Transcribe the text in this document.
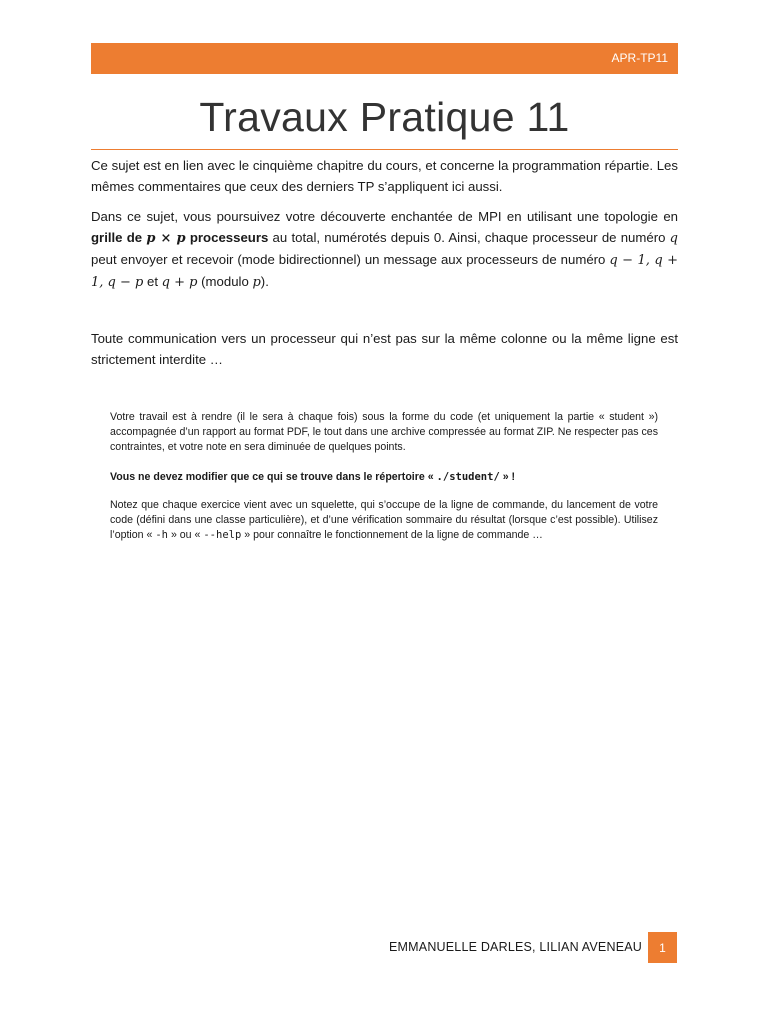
APR-TP11
Travaux Pratique 11
Ce sujet est en lien avec le cinquième chapitre du cours, et concerne la programmation répartie. Les mêmes commentaires que ceux des derniers TP s’appliquent ici aussi.
Dans ce sujet, vous poursuivez votre découverte enchantée de MPI en utilisant une topologie en grille de p × p processeurs au total, numérotés depuis 0. Ainsi, chaque processeur de numéro q peut envoyer et recevoir (mode bidirectionnel) un message aux processeurs de numéro q − 1, q + 1, q − p et q + p (modulo p).
Toute communication vers un processeur qui n’est pas sur la même colonne ou la même ligne est strictement interdite …
Votre travail est à rendre (il le sera à chaque fois) sous la forme du code (et uniquement la partie « student ») accompagnée d’un rapport au format PDF, le tout dans une archive compressée au format ZIP. Ne respecter pas ces contraintes, et votre note en sera diminuée de quelques points.
Vous ne devez modifier que ce qui se trouve dans le répertoire « ./student/ » !
Notez que chaque exercice vient avec un squelette, qui s’occupe de la ligne de commande, du lancement de votre code (défini dans une classe particulière), et d’une vérification sommaire du résultat (lorsque c’est possible). Utilisez l’option « -h » ou « --help » pour connaître le fonctionnement de la ligne de commande …
EMMANUELLE DARLES, LILIAN AVENEAU 1
